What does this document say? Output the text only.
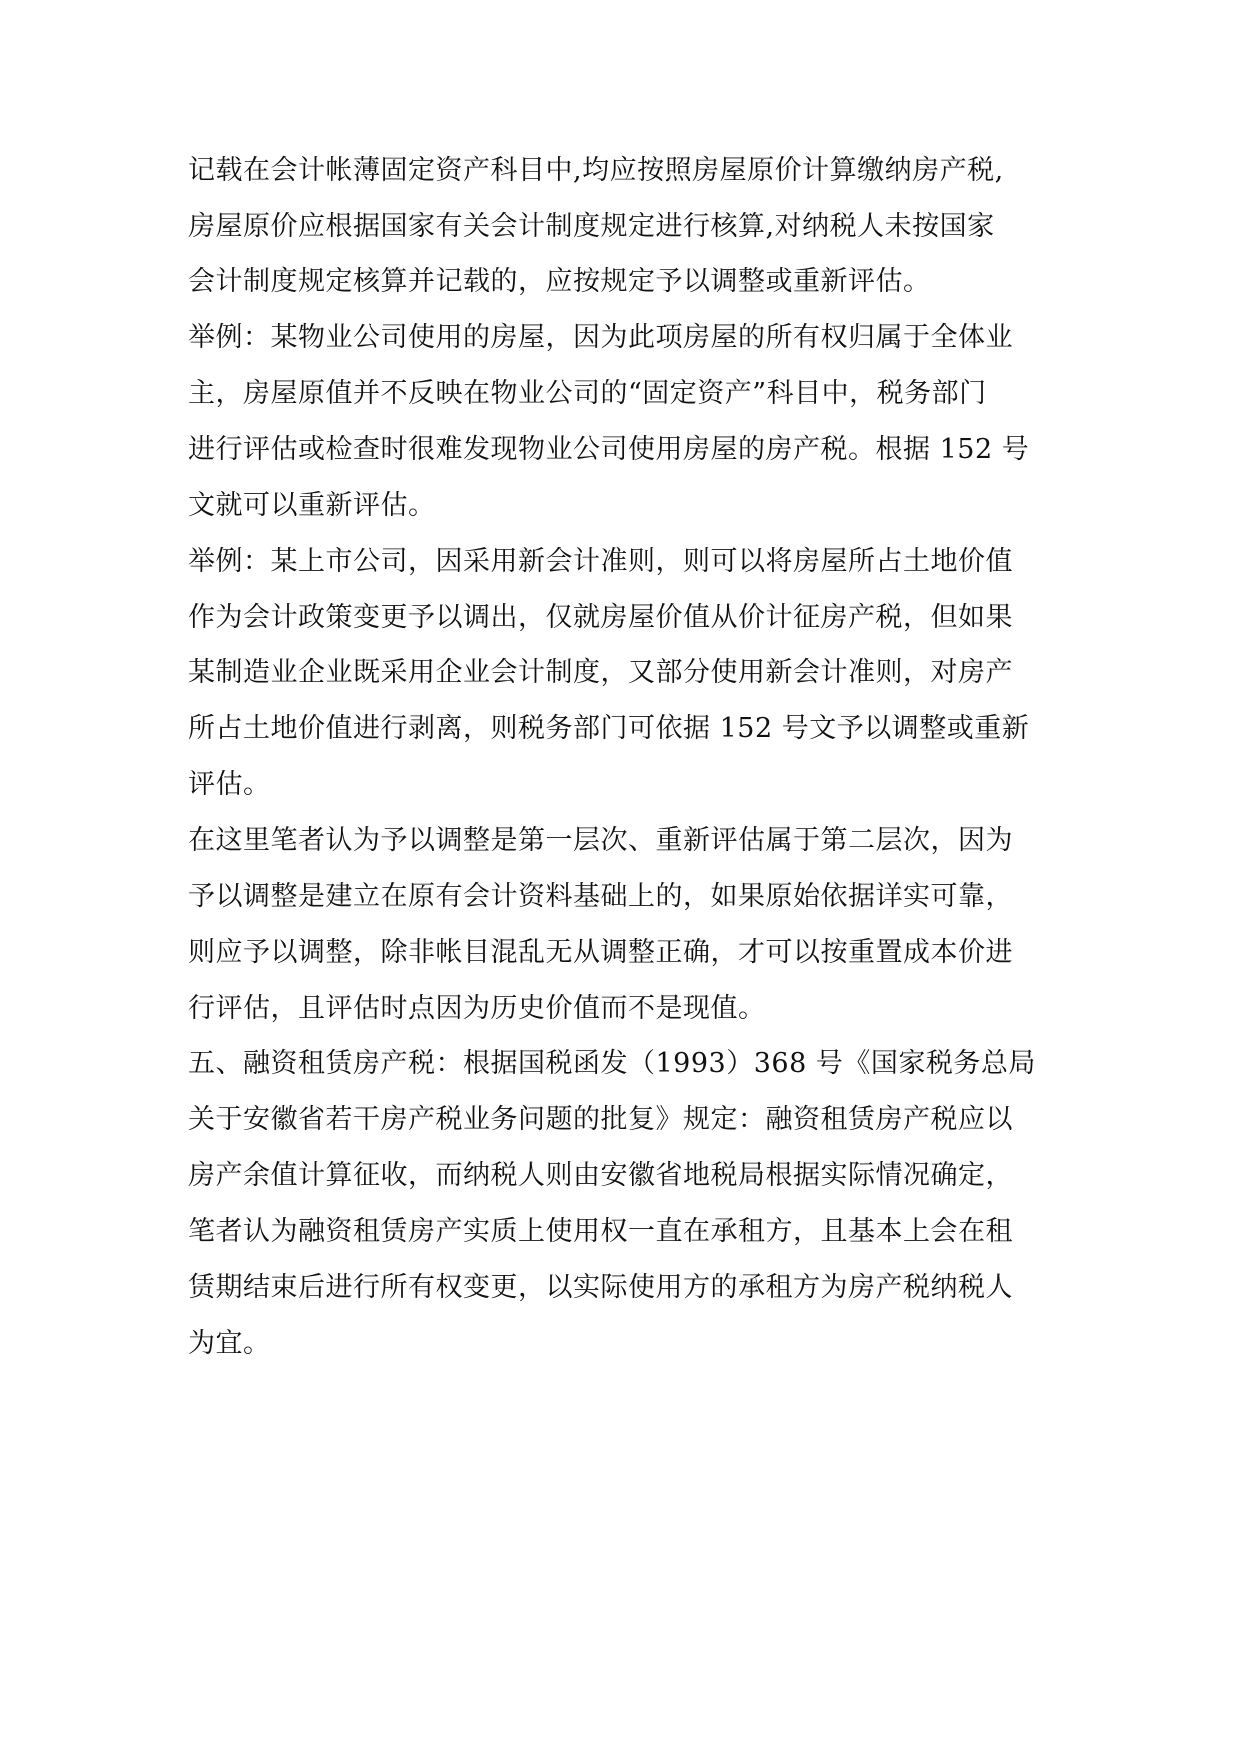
记载在会计帐薄固定资产科目中,均应按照房屋原价计算缴纳房产税,

房屋原价应根据国家有关会计制度规定进行核算,对纳税人未按国家

会计制度规定核算并记载的，应按规定予以调整或重新评估。

举例：某物业公司使用的房屋，因为此项房屋的所有权归属于全体业

主，房屋原值并不反映在物业公司的“固定资产”科目中，税务部门

进行评估或检查时很难发现物业公司使用房屋的房产税。根据 152 号

文就可以重新评估。

举例：某上市公司，因采用新会计准则，则可以将房屋所占土地价值

作为会计政策变更予以调出，仅就房屋价值从价计征房产税，但如果

某制造业企业既采用企业会计制度，又部分使用新会计准则，对房产

所占土地价值进行剥离，则税务部门可依据 152 号文予以调整或重新

评估。

在这里笔者认为予以调整是第一层次、重新评估属于第二层次，因为

予以调整是建立在原有会计资料基础上的，如果原始依据详实可靠，

则应予以调整，除非帐目混乱无从调整正确，才可以按重置成本价进

行评估，且评估时点因为历史价值而不是现值。

五、融资租赁房产税：根据国税函发（1993）368 号《国家税务总局

关于安徽省若干房产税业务问题的批复》规定：融资租赁房产税应以

房产余值计算征收，而纳税人则由安徽省地税局根据实际情况确定，

笔者认为融资租赁房产实质上使用权一直在承租方，且基本上会在租

赁期结束后进行所有权变更，以实际使用方的承租方为房产税纳税人

为宜。
